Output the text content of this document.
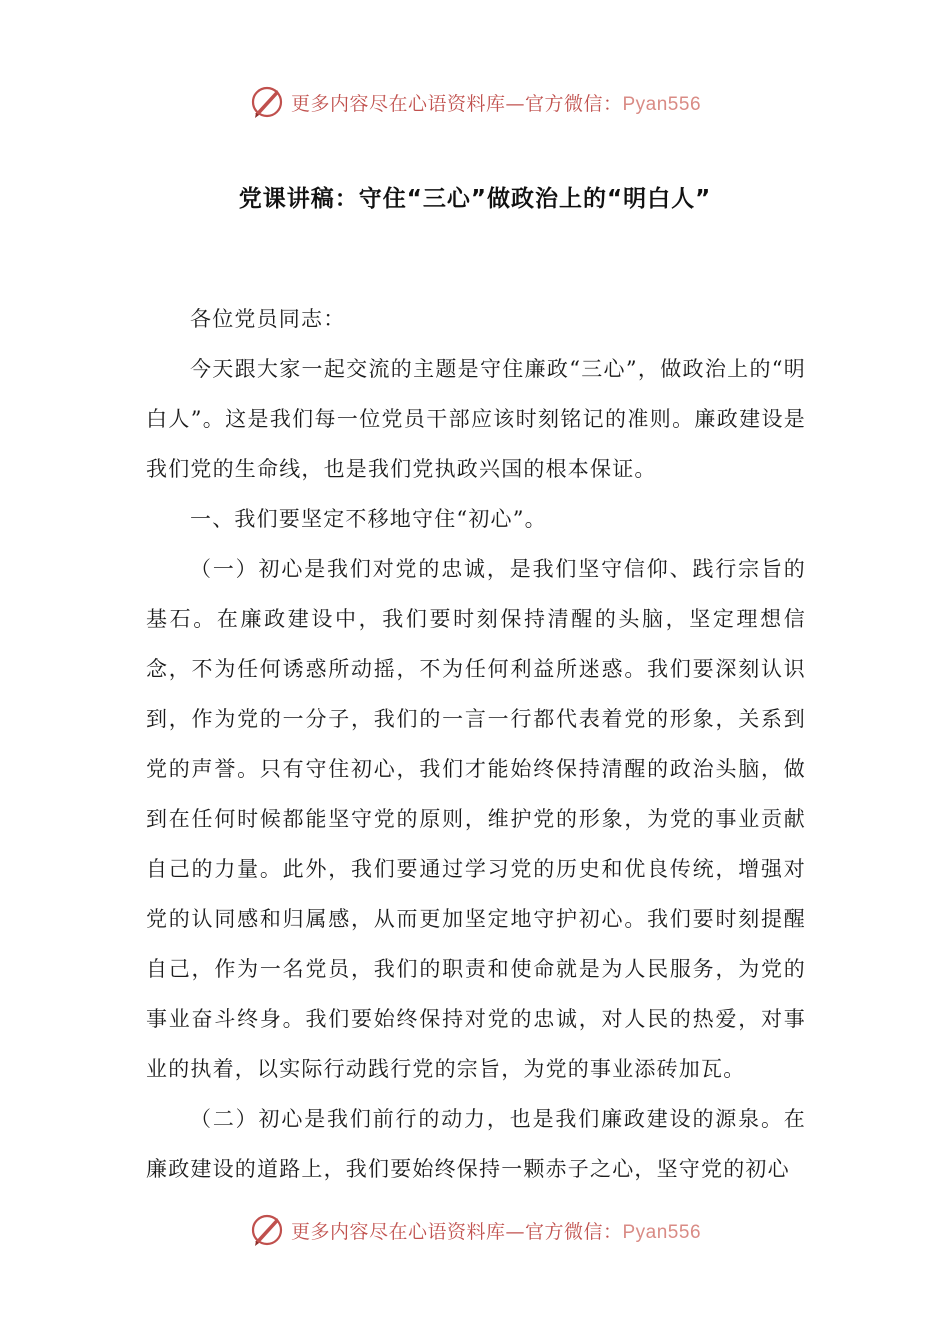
更多内容尽在心语资料库—官方微信：Pyan556
党课讲稿：守住“三心”做政治上的“明白人”

各位党员同志：

今天跟大家一起交流的主题是守住廉政“三心”，做政治上的“明白人”。这是我们每一位党员干部应该时刻铭记的准则。廉政建设是我们党的生命线，也是我们党执政兴国的根本保证。

一、我们要坚定不移地守住“初心”。

（一）初心是我们对党的忠诚，是我们坚守信仰、践行宗旨的基石。在廉政建设中，我们要时刻保持清醒的头脑，坚定理想信念，不为任何诱惑所动摇，不为任何利益所迷惑。我们要深刻认识到，作为党的一分子，我们的一言一行都代表着党的形象，关系到党的声誉。只有守住初心，我们才能始终保持清醒的政治头脑，做到在任何时候都能坚守党的原则，维护党的形象，为党的事业贡献自己的力量。此外，我们要通过学习党的历史和优良传统，增强对党的认同感和归属感，从而更加坚定地守护初心。我们要时刻提醒自己，作为一名党员，我们的职责和使命就是为人民服务，为党的事业奋斗终身。我们要始终保持对党的忠诚，对人民的热爱，对事业的执着，以实际行动践行党的宗旨，为党的事业添砖加瓦。

（二）初心是我们前行的动力，也是我们廉政建设的源泉。在廉政建设的道路上，我们要始终保持一颗赤子之心，坚守党的初心

更多内容尽在心语资料库—官方微信：Pyan556
